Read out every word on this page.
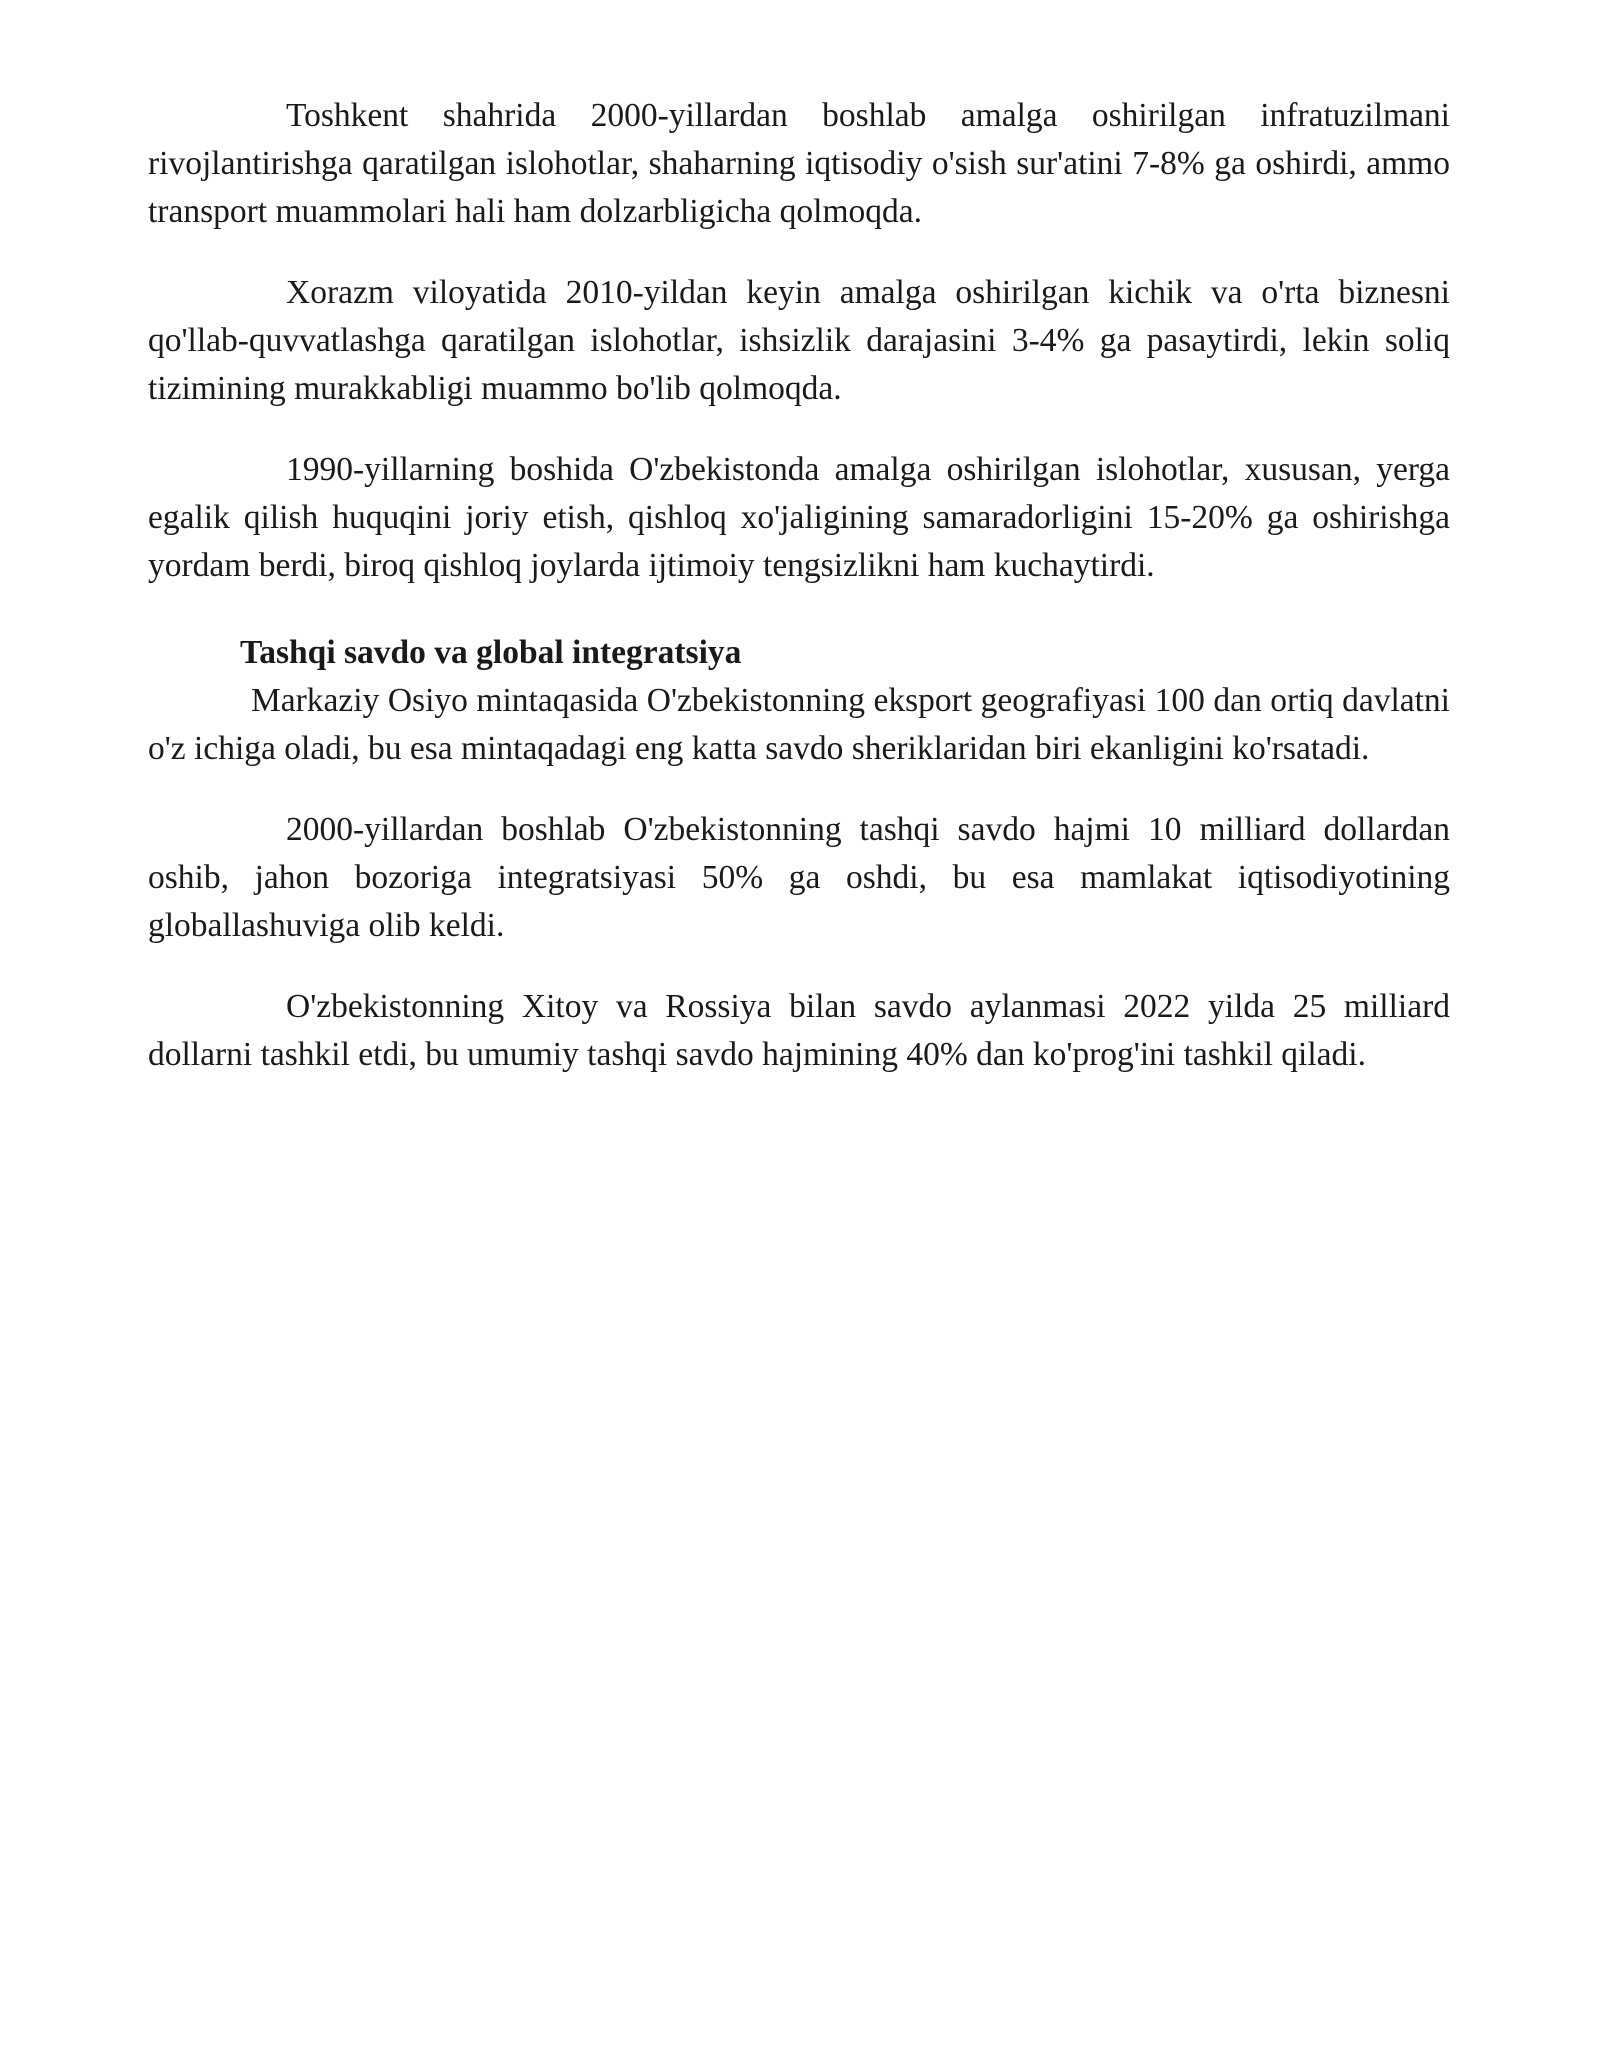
Toshkent shahrida 2000-yillardan boshlab amalga oshirilgan infratuzilmani rivojlantirishga qaratilgan islohotlar, shaharning iqtisodiy o'sish sur'atini 7-8% ga oshirdi, ammo transport muammolari hali ham dolzarbligicha qolmoqda.

Xorazm viloyatida 2010-yildan keyin amalga oshirilgan kichik va o'rta biznesni qo'llab-quvvatlashga qaratilgan islohotlar, ishsizlik darajasini 3-4% ga pasaytirdi, lekin soliq tizimining murakkabligi muammo bo'lib qolmoqda.

1990-yillarning boshida O'zbekistonda amalga oshirilgan islohotlar, xususan, yerga egalik qilish huquqini joriy etish, qishloq xo'jaligining samaradorligini 15-20% ga oshirishga yordam berdi, biroq qishloq joylarda ijtimoiy tengsizlikni ham kuchaytirdi.

Tashqi savdo va global integratsiya

Markaziy Osiyo mintaqasida O'zbekistonning eksport geografiyasi 100 dan ortiq davlatni o'z ichiga oladi, bu esa mintaqadagi eng katta savdo sheriklaridan biri ekanligini ko'rsatadi.

2000-yillardan boshlab O'zbekistonning tashqi savdo hajmi 10 milliard dollardan oshib, jahon bozoriga integratsiyasi 50% ga oshdi, bu esa mamlakat iqtisodiyotining globallashuviga olib keldi.

O'zbekistonning Xitoy va Rossiya bilan savdo aylanmasi 2022 yilda 25 milliard dollarni tashkil etdi, bu umumiy tashqi savdo hajmining 40% dan ko'prog'ini tashkil qiladi.
